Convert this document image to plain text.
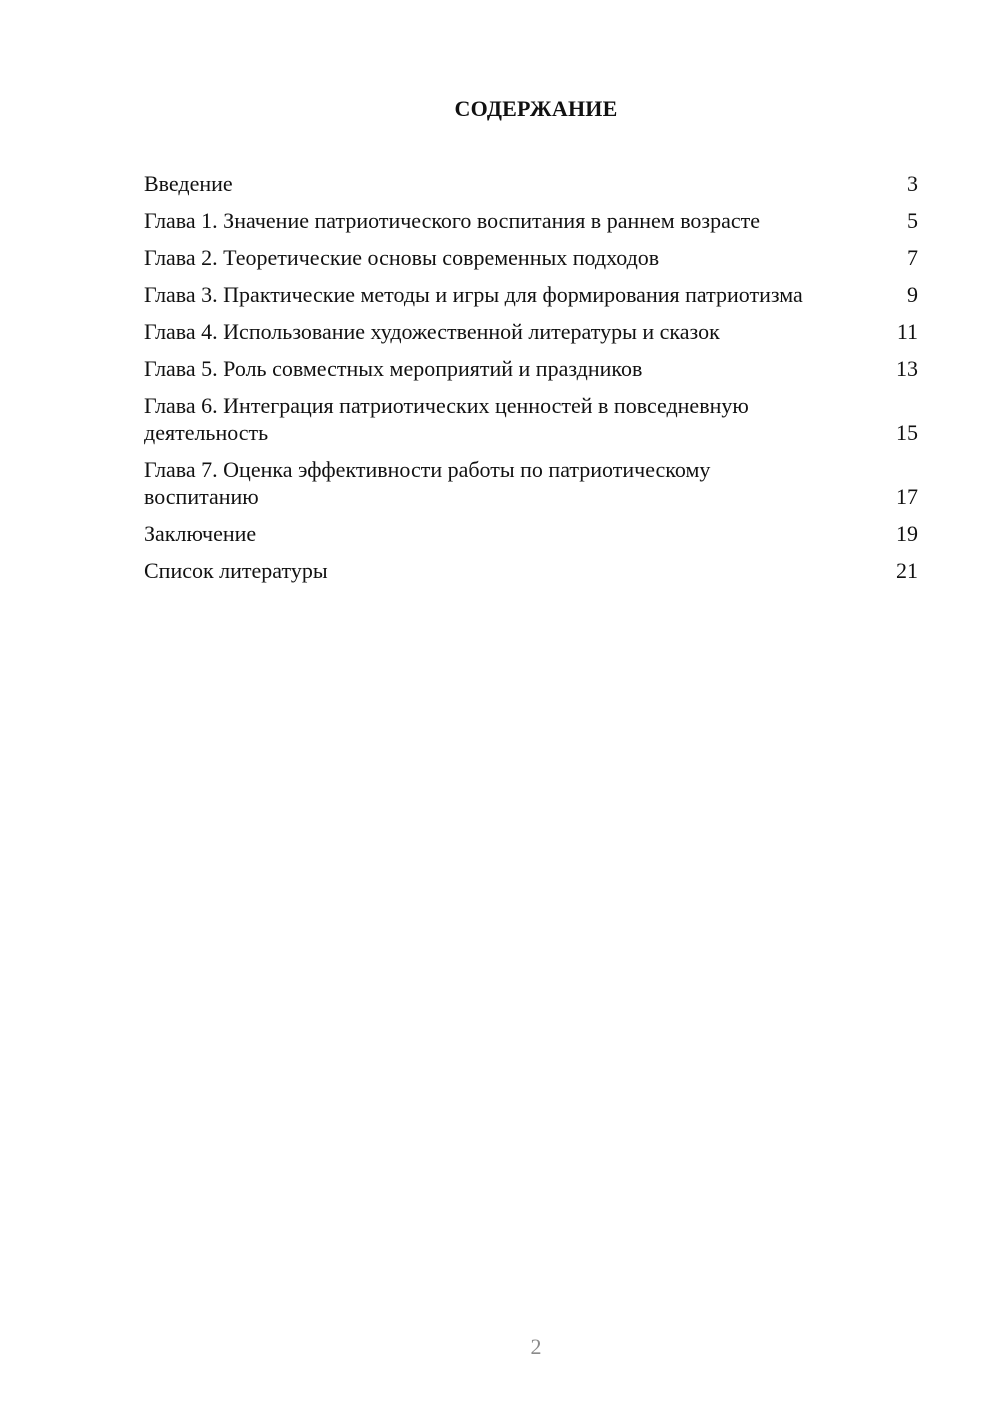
СОДЕРЖАНИЕ
Введение	3
Глава 1. Значение патриотического воспитания в раннем возрасте	5
Глава 2. Теоретические основы современных подходов	7
Глава 3. Практические методы и игры для формирования патриотизма	9
Глава 4. Использование художественной литературы и сказок	11
Глава 5. Роль совместных мероприятий и праздников	13
Глава 6. Интеграция патриотических ценностей в повседневную деятельность	15
Глава 7. Оценка эффективности работы по патриотическому воспитанию	17
Заключение	19
Список литературы	21
2
